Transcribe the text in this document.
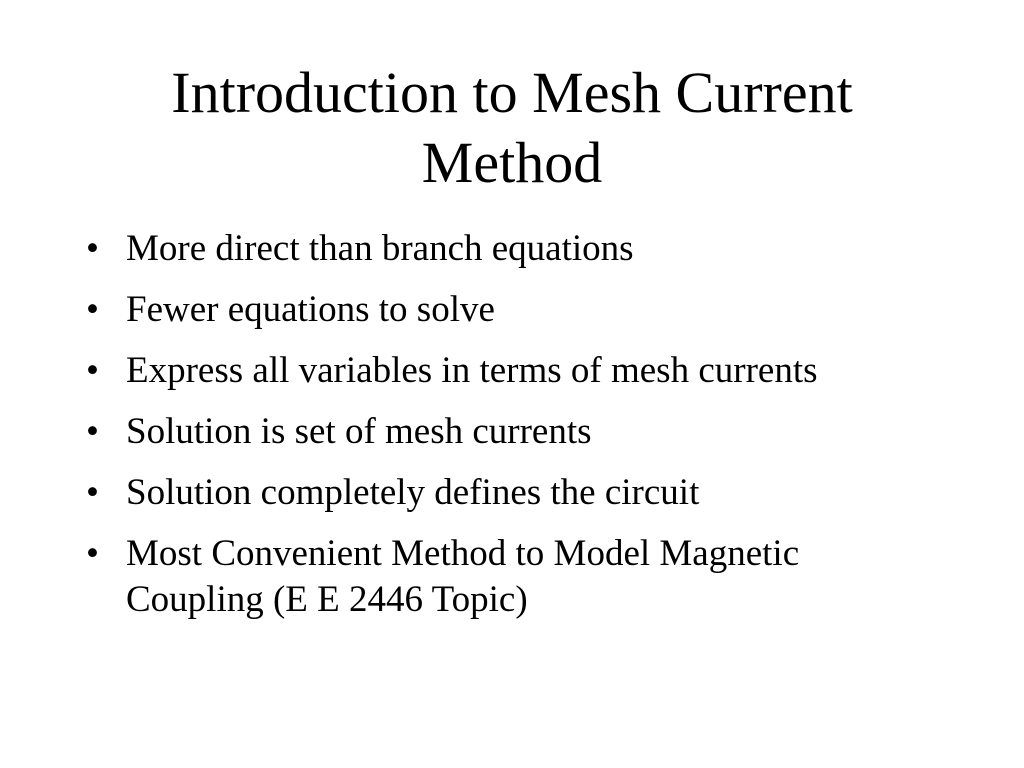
Introduction to Mesh Current Method
• More direct than branch equations
• Fewer equations to solve
• Express all variables in terms of mesh currents
• Solution is set of mesh currents
• Solution completely defines the circuit
• Most Convenient Method to Model Magnetic Coupling (E E 2446 Topic)
